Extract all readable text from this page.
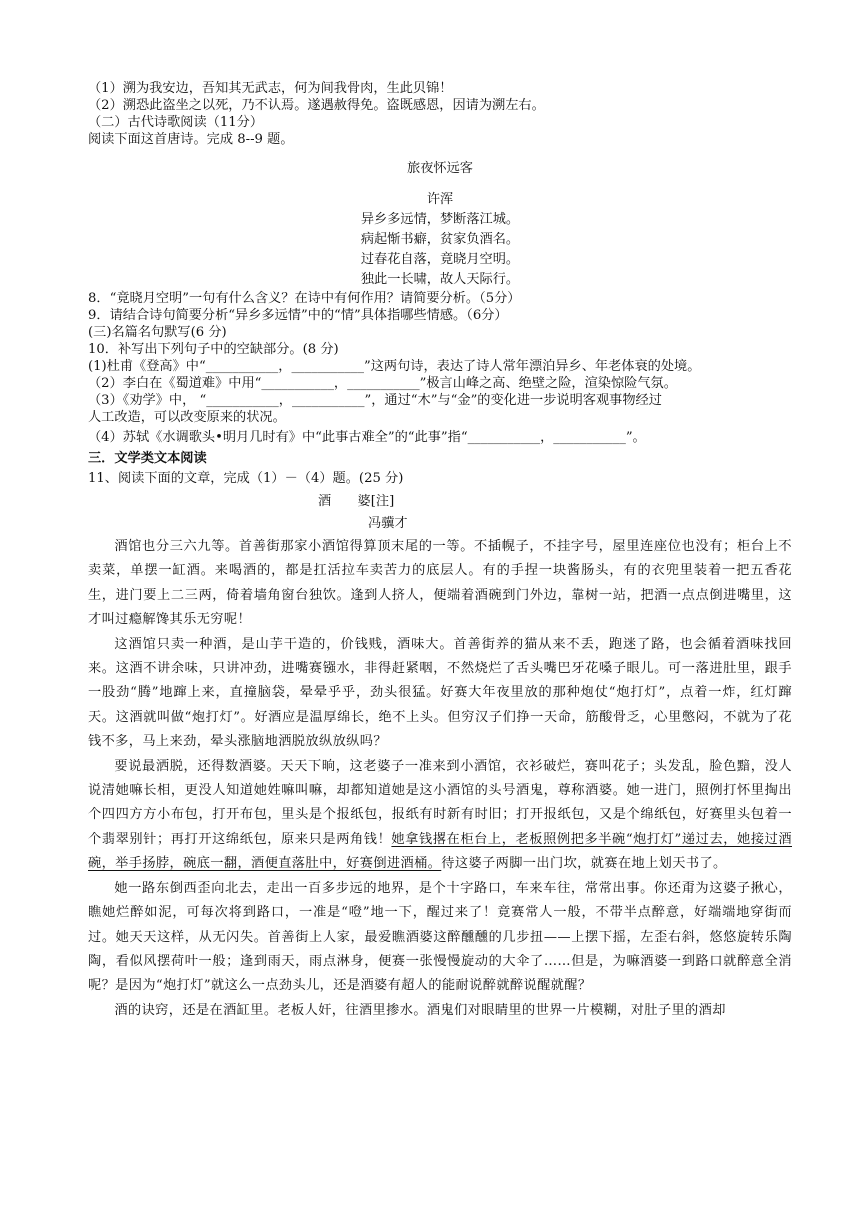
（1）溯为我安边，吾知其无武志，何为间我骨肉，生此贝锦！
（2）溯恐此盗坐之以死，乃不认焉。遂遇赦得免。盗既感恩，因请为溯左右。
（二）古代诗歌阅读（11分）
阅读下面这首唐诗。完成 8--9 题。
旅夜怀远客
许浑
异乡多远情，梦断落江城。
病起惭书癖，贫家负酒名。
过春花自落，竟晓月空明。
独此一长啸，故人天际行。
8．“竟晓月空明”一句有什么含义？在诗中有何作用？请简要分析。（5分）
9．请结合诗句简要分析“异乡多远情”中的“情”具体指哪些情感。（6分）
(三)名篇名句默写(6 分)
10．补写出下列句子中的空缺部分。(8 分)
(1)杜甫《登高》中“___________，___________”这两句诗，表达了诗人常年漂泊异乡、年老体衰的处境。
（2）李白在《蜀道难》中用“___________，___________”极言山峰之高、绝壁之险，渲染惊险气氛。
（3）《劝学》中， “___________，___________”，通过“木”与“金”的变化进一步说明客观事物经过
人工改造，可以改变原来的状况。
（4）苏轼《水调歌头•明月几时有》中“此事古难全”的“此事”指“___________，___________”。
三．文学类文本阅读
11、阅读下面的文章，完成（1）－（4）题。(25 分)
酒　　婆[注]
冯骥才
酒馆也分三六九等。首善街那家小酒馆得算顶末尾的一等。不插幌子，不挂字号，屋里连座位也没有；柜台上不卖菜，单摆一缸酒。来喝酒的，都是扛活拉车卖苦力的底层人。有的手捏一块酱肠头，有的衣兜里装着一把五香花生，进门要上二三两，倚着墙角窗台独饮。逢到人挤人，便端着酒碗到门外边，靠树一站，把酒一点点倒进嘴里，这才叫过瘾解馋其乐无穷呢！
这酒馆只卖一种酒，是山芋干造的，价钱贱，酒味大。首善街养的猫从来不丢，跑迷了路，也会循着酒味找回来。这酒不讲余味，只讲冲劲，进嘴赛镪水，非得赶紧咽，不然烧烂了舌头嘴巴牙花嗓子眼儿。可一落进肚里，跟手一股劲“腾”地蹿上来，直撞脑袋，晕晕乎乎，劲头很猛。好赛大年夜里放的那种炮仗“炮打灯”，点着一炸，红灯蹿天。这酒就叫做“炮打灯”。好酒应是温厚绵长，绝不上头。但穷汉子们挣一天命，筋酸骨乏，心里憋闷，不就为了花钱不多，马上来劲，晕头涨脑地洒脱放纵放纵吗？
要说最洒脱，还得数酒婆。天天下晌，这老婆子一准来到小酒馆，衣衫破烂，赛叫花子；头发乱，脸色黯，没人说清她嘛长相，更没人知道她姓嘛叫嘛，却都知道她是这小酒馆的头号酒鬼，尊称酒婆。她一进门，照例打怀里掏出个四四方方小布包，打开布包，里头是个报纸包，报纸有时新有时旧；打开报纸包，又是个绵纸包，好赛里头包着一个翡翠别针；再打开这绵纸包，原来只是两角钱！她拿钱撂在柜台上，老板照例把多半碗“炮打灯”递过去，她接过酒碗，举手扬脖，碗底一翻，酒便直落肚中，好赛倒进酒桶。待这婆子两脚一出门坎，就赛在地上划天书了。
她一路东倒西歪向北去，走出一百多步远的地界，是个十字路口，车来车往，常常出事。你还甭为这婆子揪心，瞧她烂醉如泥，可每次将到路口，一准是“噔”地一下，醒过来了！竟赛常人一般，不带半点醉意，好端端地穿街而过。她天天这样，从无闪失。首善街上人家，最爱瞧酒婆这醉醺醺的几步扭——上摆下摇，左歪右斜，悠悠旋转乐陶陶，看似风摆荷叶一般；逢到雨天，雨点淋身，便赛一张慢慢旋动的大伞了……但是，为嘛酒婆一到路口就醉意全消呢？是因为“炮打灯”就这么一点劲头儿，还是酒婆有超人的能耐说醉就醉说醒就醒？
酒的诀窍，还是在酒缸里。老板人奸，往酒里掺水。酒鬼们对眼睛里的世界一片模糊，对肚子里的酒却
